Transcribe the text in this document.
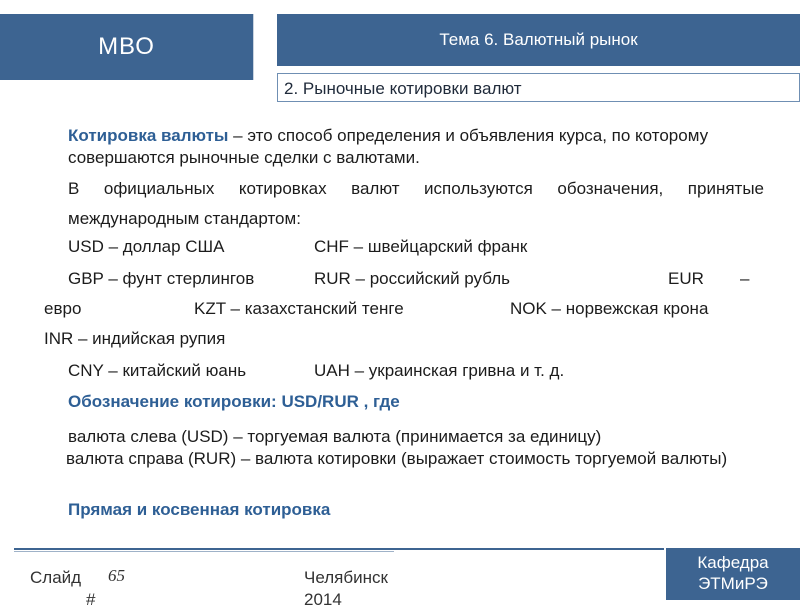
МВО	Тема 6. Валютный рынок
2. Рыночные котировки валют
Котировка валюты – это способ определения и объявления курса, по которому совершаются рыночные сделки с валютами.
В официальных котировках валют используются обозначения, принятые международным стандартом:
USD – доллар США	CHF – швейцарский франк
GBP – фунт стерлингов	RUR – российский рубль	EUR	–
евро	KZT – казахстанский тенге	NOK – норвежская крона
INR – индийская рупия
CNY – китайский юань	UAH – украинская гривна и т. д.
Обозначение котировки: USD/RUR , где
валюта слева (USD) – торгуемая валюта (принимается за единицу)
валюта справа (RUR) – валюта котировки (выражает стоимость торгуемой валюты)
Прямая и косвенная котировка
Слайд
#
65	Челябинск
2014
Кафедра
ЭТМиРЭ
